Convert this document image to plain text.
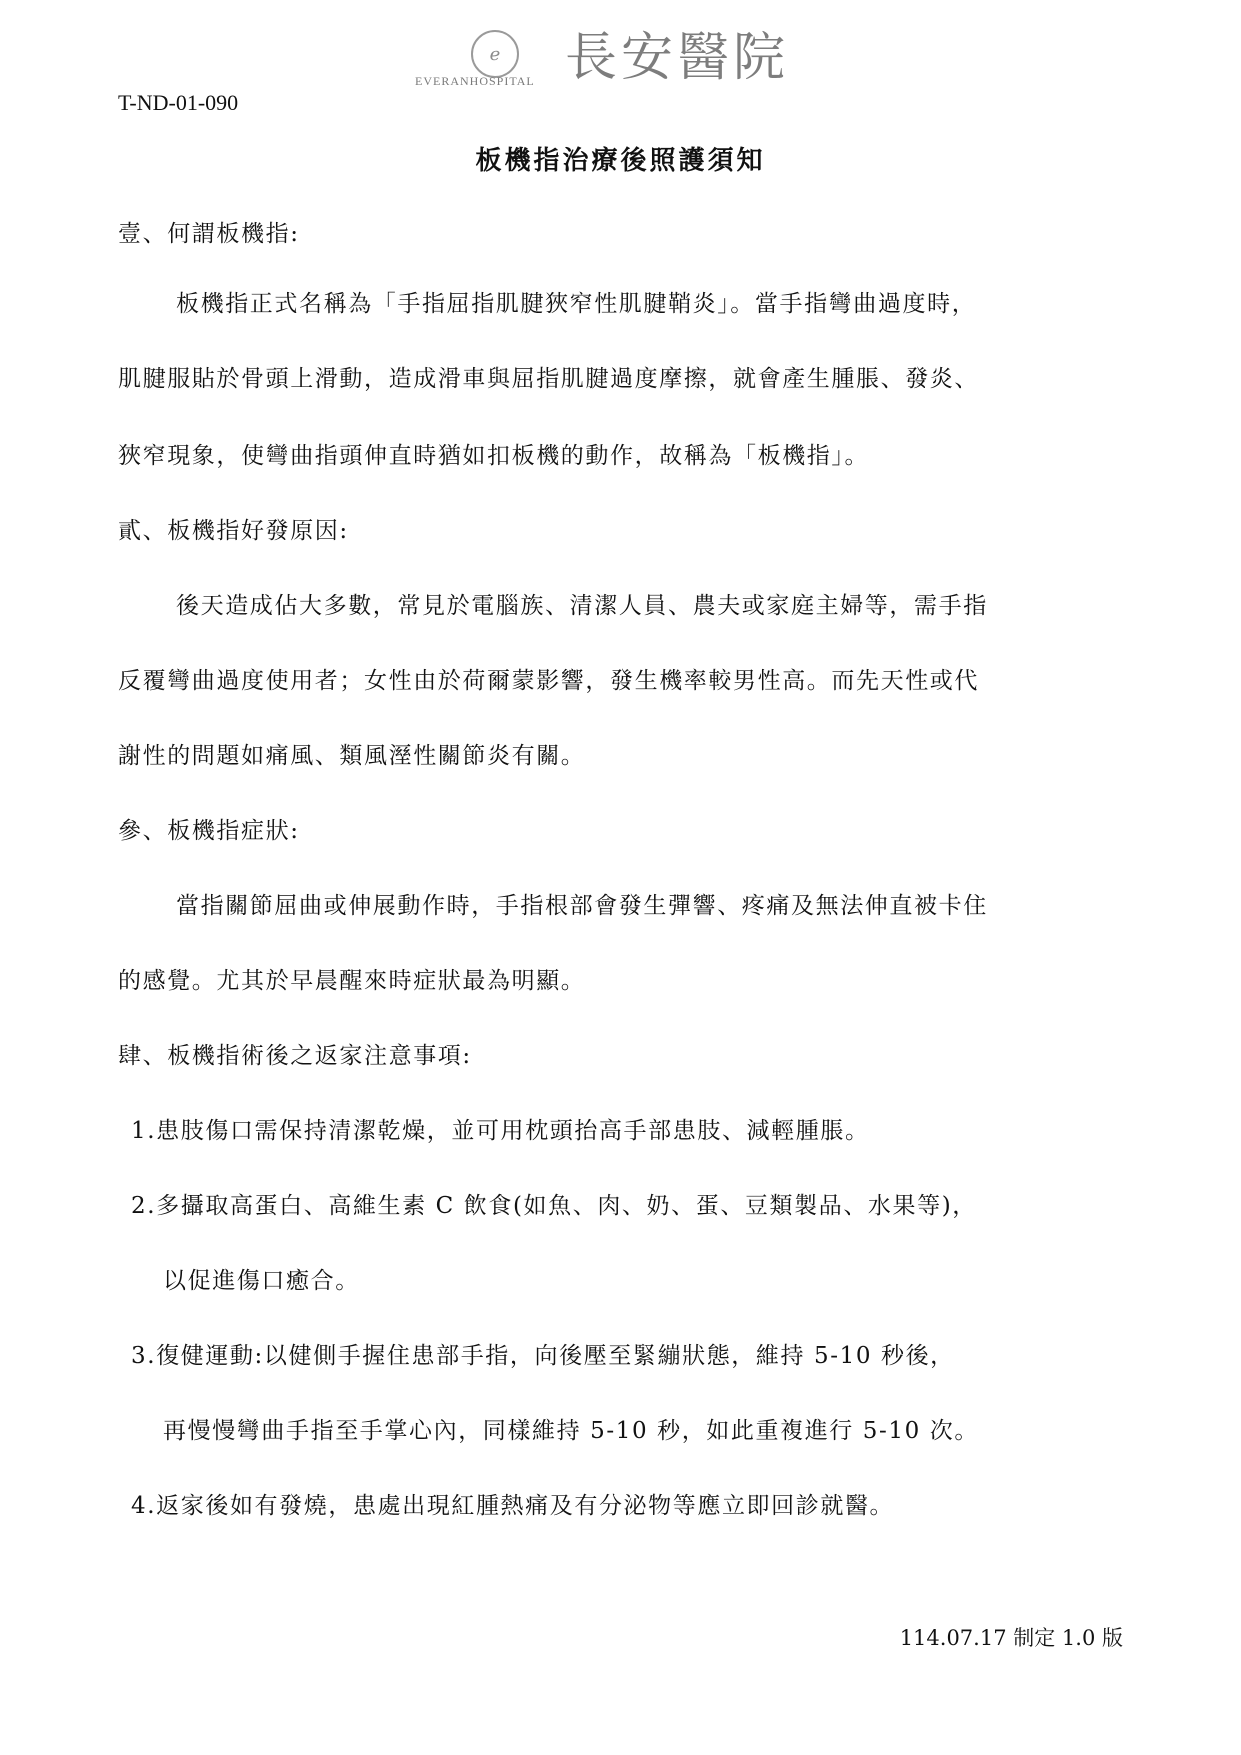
e
EVERANHOSPITAL 長安醫院
T-ND-01-090
板機指治療後照護須知
壹、何謂板機指:
板機指正式名稱為「手指屈指肌腱狹窄性肌腱鞘炎」。當手指彎曲過度時，
肌腱服貼於骨頭上滑動，造成滑車與屈指肌腱過度摩擦，就會產生腫脹、發炎、
狹窄現象，使彎曲指頭伸直時猶如扣板機的動作，故稱為「板機指」。
貳、板機指好發原因:
後天造成佔大多數，常見於電腦族、清潔人員、農夫或家庭主婦等，需手指
反覆彎曲過度使用者；女性由於荷爾蒙影響，發生機率較男性高。而先天性或代
謝性的問題如痛風、類風溼性關節炎有關。
參、板機指症狀:
當指關節屈曲或伸展動作時，手指根部會發生彈響、疼痛及無法伸直被卡住
的感覺。尤其於早晨醒來時症狀最為明顯。
肆、板機指術後之返家注意事項:
1.患肢傷口需保持清潔乾燥，並可用枕頭抬高手部患肢、減輕腫脹。
2.多攝取高蛋白、高維生素 C 飲食(如魚、肉、奶、蛋、豆類製品、水果等)，
以促進傷口癒合。
3.復健運動:以健側手握住患部手指，向後壓至緊繃狀態，維持 5-10 秒後，
再慢慢彎曲手指至手掌心內，同樣維持 5-10 秒，如此重複進行 5-10 次。
4.返家後如有發燒，患處出現紅腫熱痛及有分泌物等應立即回診就醫。
114.07.17 制定 1.0 版
